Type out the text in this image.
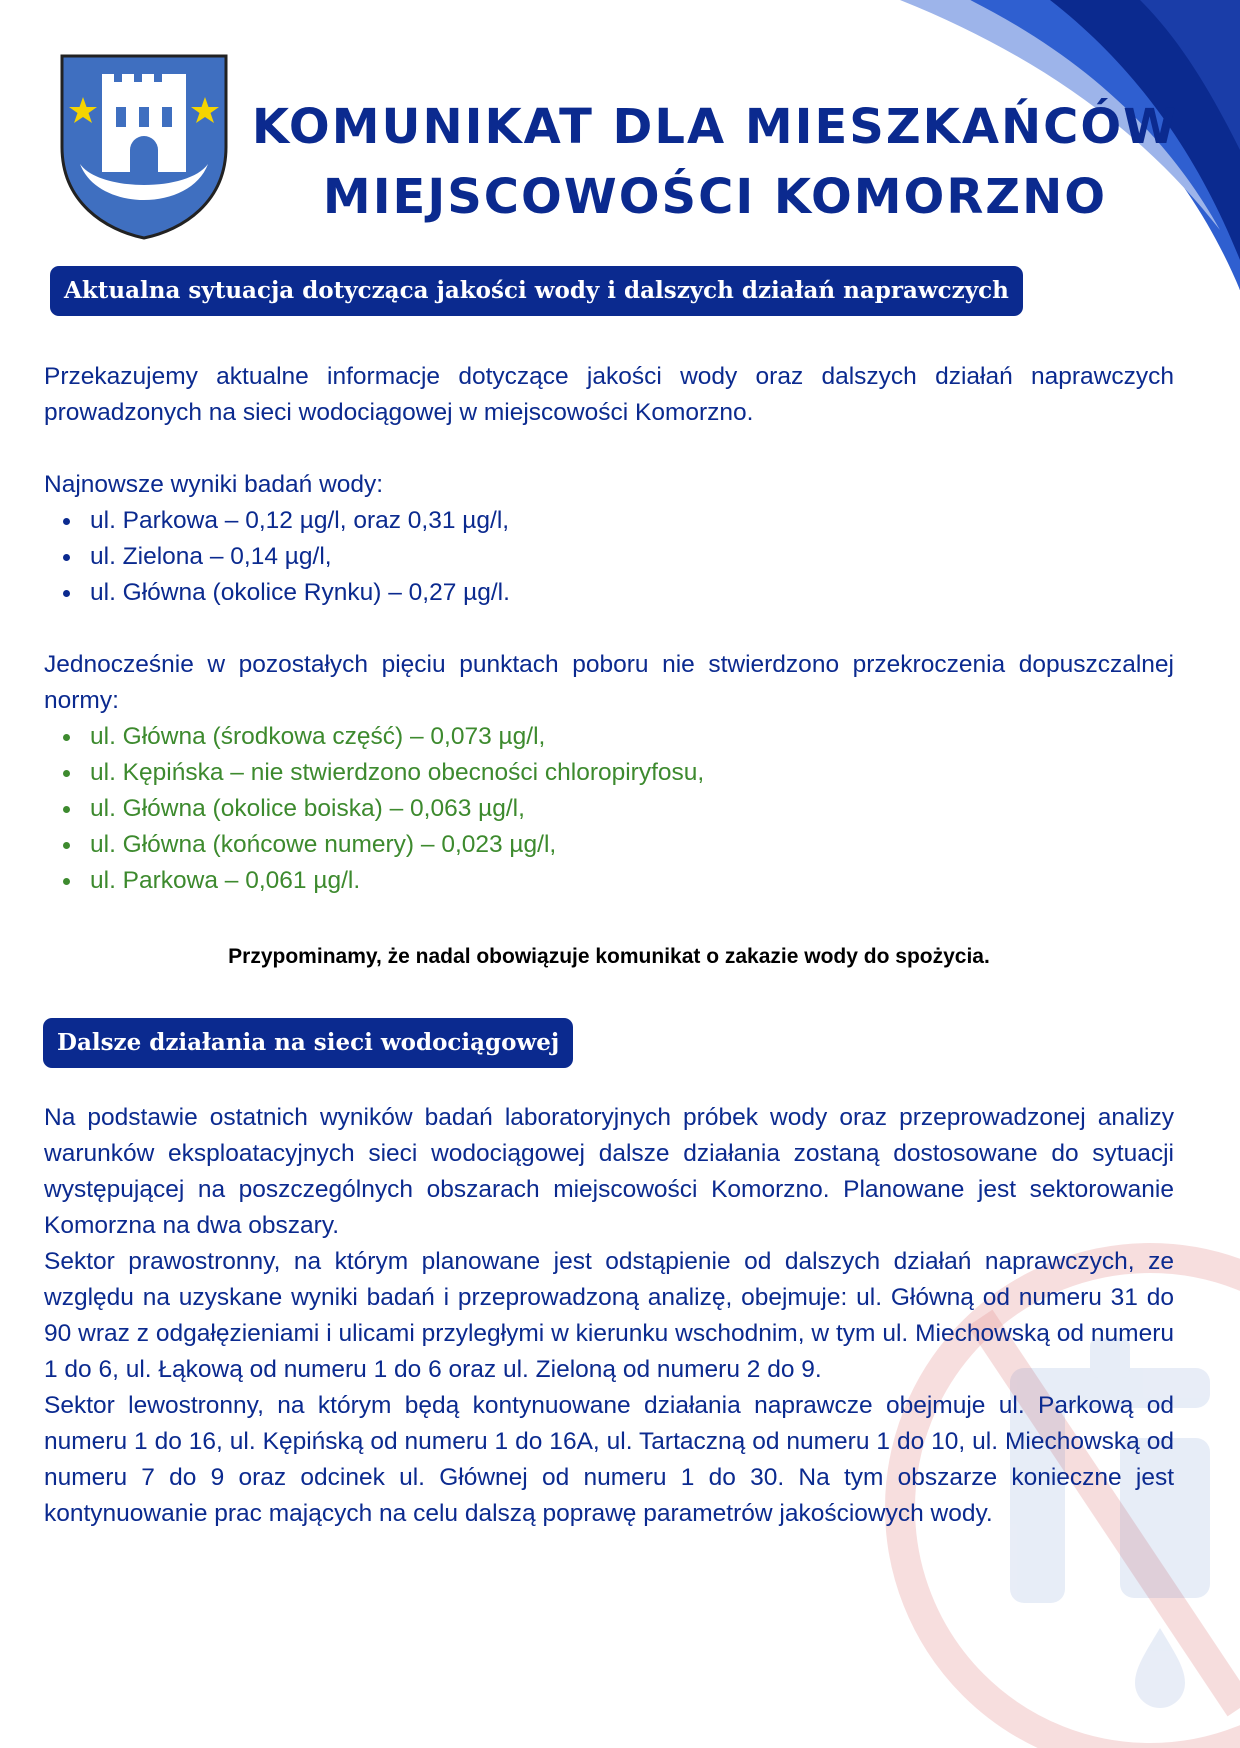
KOMUNIKAT DLA MIESZKAŃCÓW
MIEJSCOWOŚCI KOMORZNO
Aktualna sytuacja dotycząca jakości wody i dalszych działań naprawczych

Przekazujemy aktualne informacje dotyczące jakości wody oraz dalszych działań naprawczych prowadzonych na sieci wodociągowej w miejscowości Komorzno.

Najnowsze wyniki badań wody:

ul. Parkowa – 0,12 µg/l, oraz 0,31 µg/l,
ul. Zielona – 0,14 µg/l,
ul. Główna (okolice Rynku) – 0,27 µg/l.

Jednocześnie w pozostałych pięciu punktach poboru nie stwierdzono przekroczenia dopuszczalnej normy:

ul. Główna (środkowa część) – 0,073 µg/l,
ul. Kępińska – nie stwierdzono obecności chloropiryfosu,
ul. Główna (okolice boiska) – 0,063 µg/l,
ul. Główna (końcowe numery) – 0,023 µg/l,
ul. Parkowa – 0,061 µg/l.
Przypominamy, że nadal obowiązuje komunikat o zakazie wody do spożycia.
Dalsze działania na sieci wodociągowej

Na podstawie ostatnich wyników badań laboratoryjnych próbek wody oraz przeprowadzonej analizy warunków eksploatacyjnych sieci wodociągowej dalsze działania zostaną dostosowane do sytuacji występującej na poszczególnych obszarach miejscowości Komorzno. Planowane jest sektorowanie Komorzna na dwa obszary.

Sektor prawostronny, na którym planowane jest odstąpienie od dalszych działań naprawczych, ze względu na uzyskane wyniki badań i przeprowadzoną analizę, obejmuje: ul. Główną od numeru 31 do 90 wraz z odgałęzieniami i ulicami przyległymi w kierunku wschodnim, w tym ul. Miechowską od numeru 1 do 6, ul. Łąkową od numeru 1 do 6 oraz ul. Zieloną od numeru 2 do 9.

Sektor lewostronny, na którym będą kontynuowane działania naprawcze obejmuje ul. Parkową od numeru 1 do 16, ul. Kępińską od numeru 1 do 16A, ul. Tartaczną od numeru 1 do 10, ul. Miechowską od numeru 7 do 9 oraz odcinek ul. Głównej od numeru 1 do 30. Na tym obszarze konieczne jest kontynuowanie prac mających na celu dalszą poprawę parametrów jakościowych wody.
